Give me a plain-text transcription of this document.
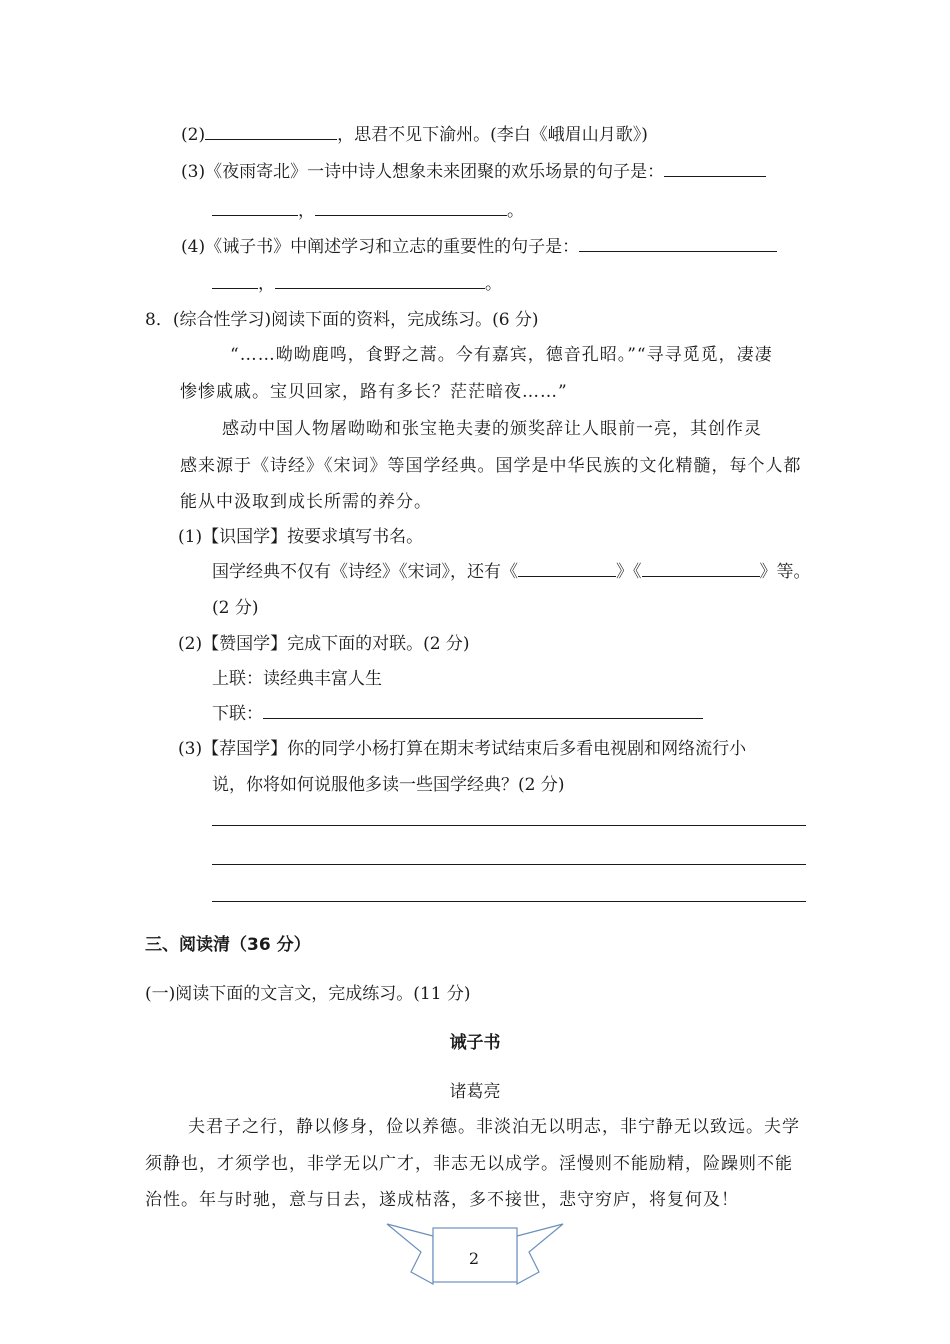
(2)	，思君不见下渝州。(李白《峨眉山月歌》)
(3)《夜雨寄北》一诗中诗人想象未来团聚的欢乐场景的句子是：
，	。
(4)《诫子书》中阐述学习和立志的重要性的句子是：
，	。
8．(综合性学习)阅读下面的资料，完成练习。(6 分)
“……呦呦鹿鸣，食野之蒿。今有嘉宾，德音孔昭。”“寻寻觅觅，凄凄
惨惨戚戚。宝贝回家，路有多长？茫茫暗夜……”
感动中国人物屠呦呦和张宝艳夫妻的颁奖辞让人眼前一亮，其创作灵
感来源于《诗经》《宋词》等国学经典。国学是中华民族的文化精髓，每个人都
能从中汲取到成长所需的养分。
(1)【识国学】按要求填写书名。
国学经典不仅有《诗经》《宋词》，还有《	》《	》等。
(2 分)
(2)【赞国学】完成下面的对联。(2 分)
上联：读经典丰富人生
下联：
(3)【荐国学】你的同学小杨打算在期末考试结束后多看电视剧和网络流行小
说，你将如何说服他多读一些国学经典？(2 分)
三、阅读清（36 分）
(一)阅读下面的文言文，完成练习。(11 分)
诫子书
诸葛亮
夫君子之行，静以修身，俭以养德。非淡泊无以明志，非宁静无以致远。夫学
须静也，才须学也，非学无以广才，非志无以成学。淫慢则不能励精，险躁则不能
治性。年与时驰，意与日去，遂成枯落，多不接世，悲守穷庐，将复何及！
2
